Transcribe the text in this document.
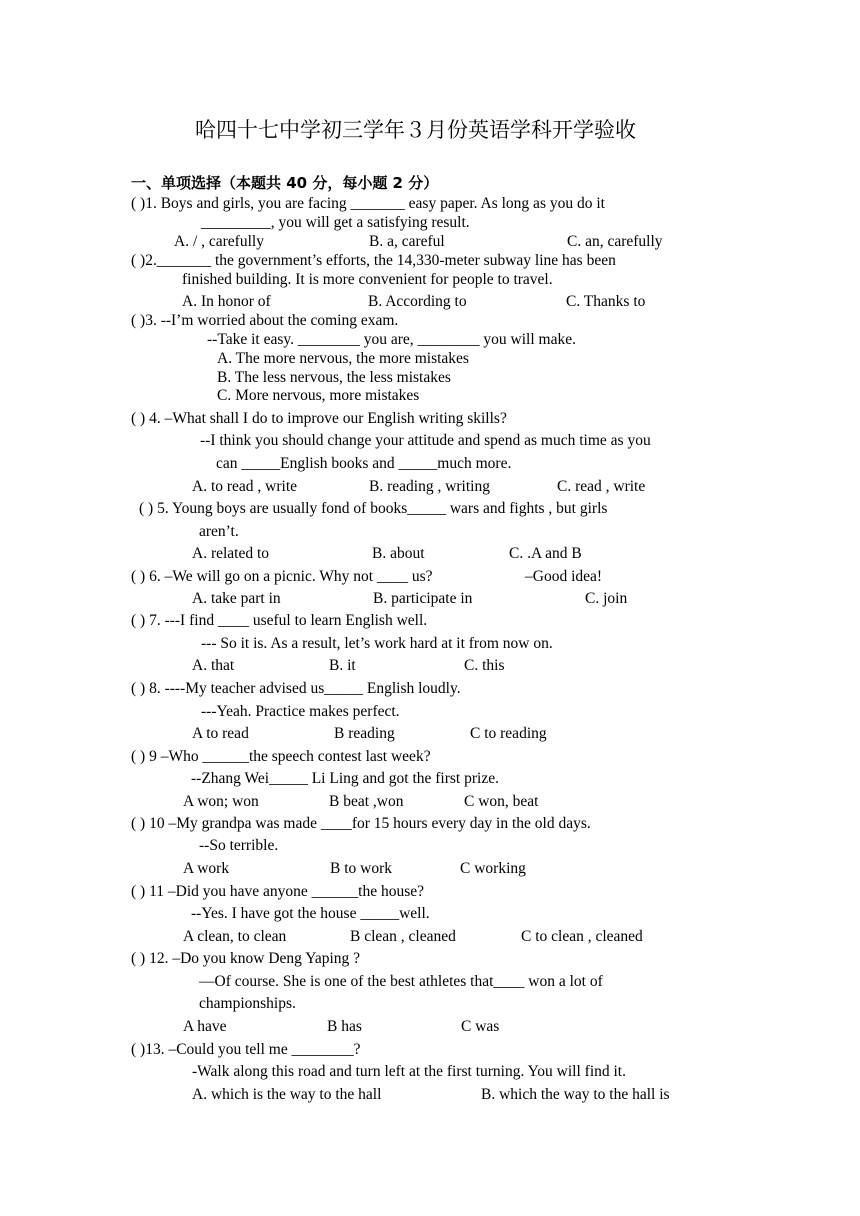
哈四十七中学初三学年３月份英语学科开学验收
一、单项选择（本题共 40 分，每小题 2 分）
( )1. Boys and girls, you are facing _______ easy paper. As long as you do it
_________, you will get a satisfying result.
A. / , carefully	B. a, careful	C. an, carefully
( )2._______ the government’s efforts, the 14,330-meter subway line has been
finished building. It is more convenient for people to travel.
A. In honor of	B. According to	C. Thanks to
( )3. --I’m worried about the coming exam.
--Take it easy. ________ you are, ________ you will make.
A. The more nervous, the more mistakes
B. The less nervous, the less mistakes
C. More nervous, more mistakes
( ) 4. –What shall I do to improve our English writing skills?
--I think you should change your attitude and spend as much time as you
can _____English books and _____much more.
A. to read , write	B. reading , writing	C. read , write
( ) 5. Young boys are usually fond of books_____ wars and fights , but girls
aren’t.
A. related to	B. about	C. .A and B
( ) 6. –We will go on a picnic. Why not ____ us?	–Good idea!
A. take part in	B. participate in	C. join
( ) 7. ---I find ____ useful to learn English well.
--- So it is. As a result, let’s work hard at it from now on.
A. that	B. it	C. this
( ) 8. ----My teacher advised us_____ English loudly.
---Yeah. Practice makes perfect.
A to read	B reading	C to reading
( ) 9 –Who ______the speech contest last week?
--Zhang Wei_____ Li Ling and got the first prize.
A won; won	B beat ,won	C won, beat
( ) 10 –My grandpa was made ____for 15 hours every day in the old days.
--So terrible.
A work	B to work	C working
( ) 11 –Did you have anyone ______the house?
--Yes. I have got the house _____well.
A clean, to clean	B clean , cleaned	C to clean , cleaned
( ) 12. –Do you know Deng Yaping ?
—Of course. She is one of the best athletes that____ won a lot of
championships.
A have	B has	C was
( )13. –Could you tell me ________?
-Walk along this road and turn left at the first turning. You will find it.
A. which is the way to the hall	B. which the way to the hall is
